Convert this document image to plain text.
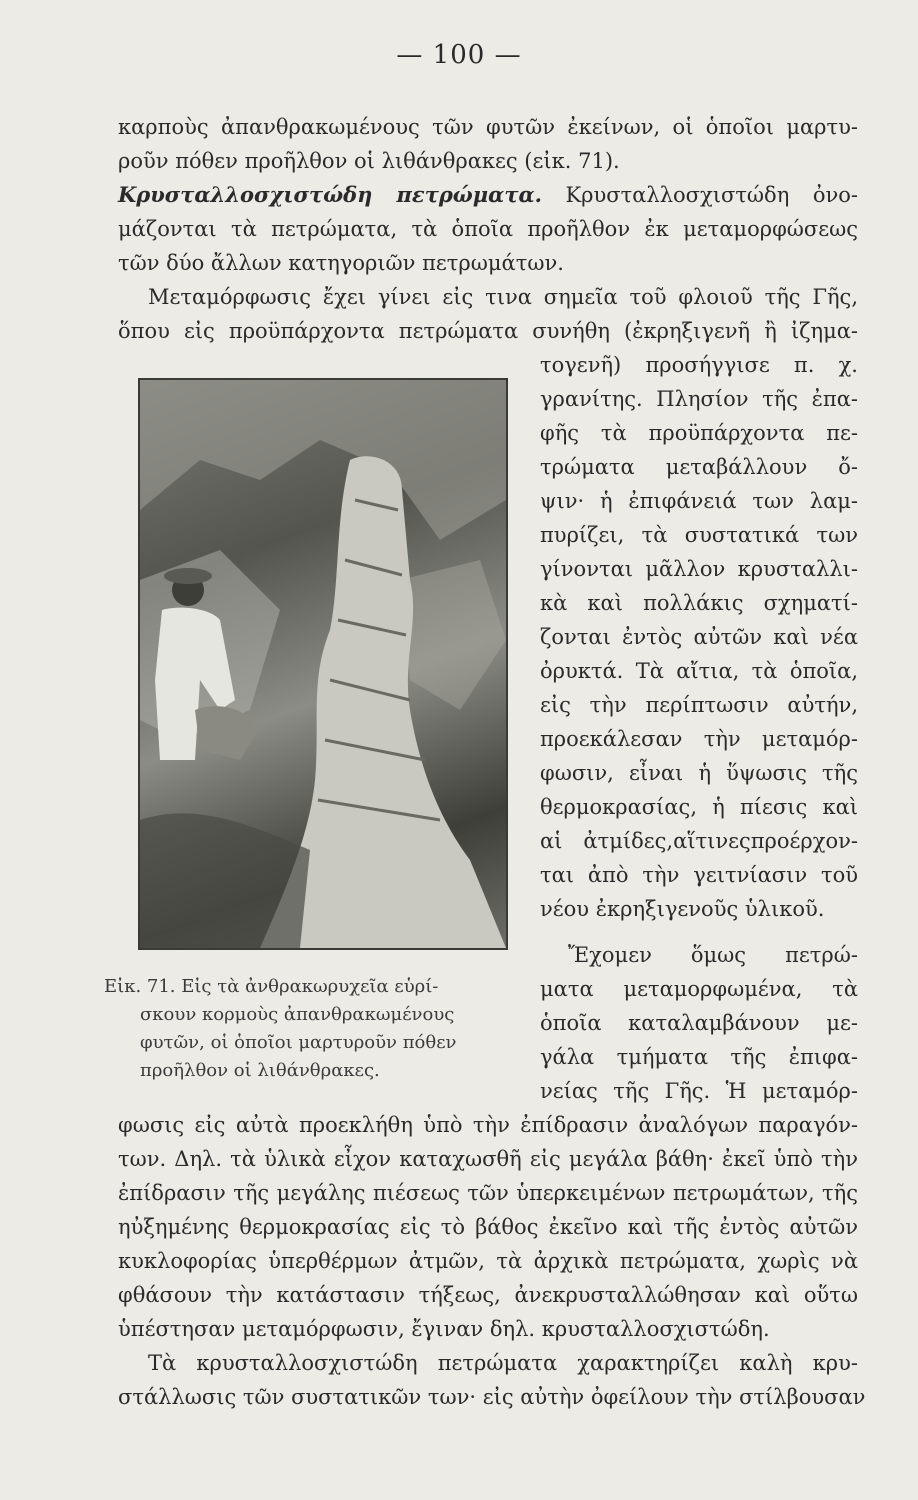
— 100 —
καρποὺς ἀπανθρακωμένους τῶν φυτῶν ἐκείνων, οἱ ὁποῖοι μαρτυ-
ροῦν πόθεν προῆλθον οἱ λιθάνθρακες (εἰκ. 71).
Κρυσταλλοσχιστώδη πετρώματα. Κρυσταλλοσχιστώδη ὀνο-
μάζονται τὰ πετρώματα, τὰ ὁποῖα προῆλθον ἐκ μεταμορφώσεως
τῶν δύο ἄλλων κατηγοριῶν πετρωμάτων.
Μεταμόρφωσις ἔχει γίνει εἰς τινα σημεῖα τοῦ φλοιοῦ τῆς Γῆς,
ὅπου εἰς προϋπάρχοντα πετρώματα συνήθη (ἐκρηξιγενῆ ἢ ἰζημα-
τογενῆ) προσήγγισε π. χ.
γρανίτης. Πλησίον τῆς ἐπα-
φῆς τὰ προϋπάρχοντα πε-
τρώματα μεταβάλλουν ὄ-
ψιν· ἡ ἐπιφάνειά των λαμ-
πυρίζει, τὰ συστατικά των
γίνονται μᾶλλον κρυσταλλι-
κὰ καὶ πολλάκις σχηματί-
ζονται ἐντὸς αὐτῶν καὶ νέα
ὀρυκτά. Τὰ αἴτια, τὰ ὁποῖα,
εἰς τὴν περίπτωσιν αὐτήν,
προεκάλεσαν τὴν μεταμόρ-
φωσιν, εἶναι ἡ ὕψωσις τῆς
θερμοκρασίας, ἡ πίεσις καὶ
αἱ ἀτμίδες,αἵτινεςπροέρχον-
ται ἀπὸ τὴν γειτνίασιν τοῦ
νέου ἐκρηξιγενοῦς ὑλικοῦ.
Ἔχομεν ὅμως πετρώ-
ματα μεταμορφωμένα, τὰ
ὁποῖα καταλαμβάνουν με-
γάλα τμήματα τῆς ἐπιφα-
νείας τῆς Γῆς. Ἡ μεταμόρ-
Εἰκ. 71. Εἰς τὰ ἀνθρακωρυχεῖα εὑρί-
σκουν κορμοὺς ἀπανθρακωμένους
φυτῶν, οἱ ὁποῖοι μαρτυροῦν πόθεν
προῆλθον οἱ λιθάνθρακες.
φωσις εἰς αὐτὰ προεκλήθη ὑπὸ τὴν ἐπίδρασιν ἀναλόγων παραγόν-
των. Δηλ. τὰ ὑλικὰ εἶχον καταχωσθῆ εἰς μεγάλα βάθη· ἐκεῖ ὑπὸ τὴν
ἐπίδρασιν τῆς μεγάλης πιέσεως τῶν ὑπερκειμένων πετρωμάτων, τῆς
ηὐξημένης θερμοκρασίας εἰς τὸ βάθος ἐκεῖνο καὶ τῆς ἐντὸς αὐτῶν
κυκλοφορίας ὑπερθέρμων ἀτμῶν, τὰ ἀρχικὰ πετρώματα, χωρὶς νὰ
φθάσουν τὴν κατάστασιν τήξεως, ἀνεκρυσταλλώθησαν καὶ οὕτω
ὑπέστησαν μεταμόρφωσιν, ἔγιναν δηλ. κρυσταλλοσχιστώδη.
Τὰ κρυσταλλοσχιστώδη πετρώματα χαρακτηρίζει καλὴ κρυ-
στάλλωσις τῶν συστατικῶν των· εἰς αὐτὴν ὀφείλουν τὴν στίλβουσαν
